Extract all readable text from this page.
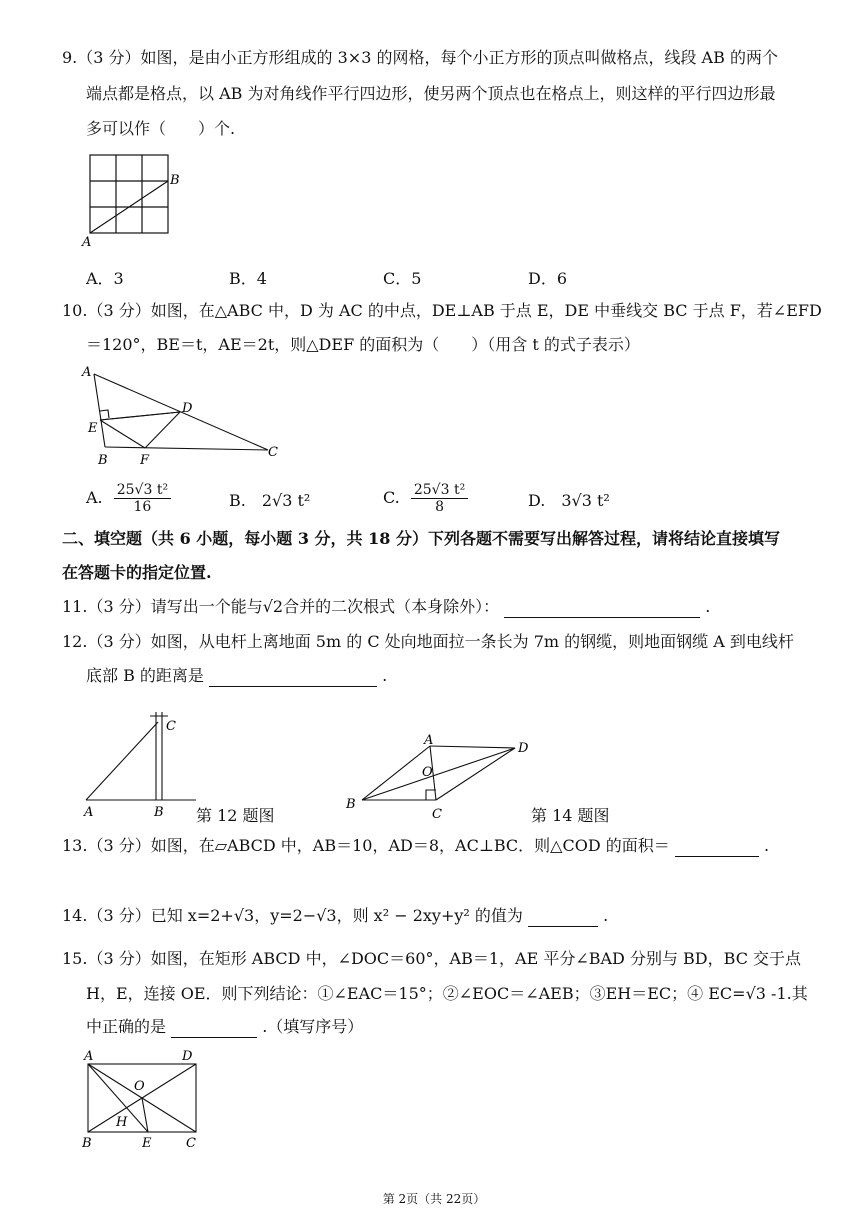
9.（3 分）如图，是由小正方形组成的 3×3 的网格，每个小正方形的顶点叫做格点，线段 AB 的两个
端点都是格点，以 AB 为对角线作平行四边形，使另两个顶点也在格点上，则这样的平行四边形最
多可以作（　　）个.
A
B
A．3	B．4	C．5	D．6
10.（3 分）如图，在△ABC 中，D 为 AC 的中点，DE⊥AB 于点 E，DE 中垂线交 BC 于点 F，若∠EFD
＝120°，BE＝t，AE＝2t，则△DEF 的面积为（　　）（用含 t 的式子表示）
A
D
E
B F
C
A. $\frac{\text{25√3 t²}}{16}$	B.　2√3 t²	C. $\frac{\text{25√3 t²}}{8}$	D.　3√3 t²
二、填空题（共 6 小题，每小题 3 分，共 18 分）下列各题不需要写出解答过程，请将结论直接填写
在答题卡的指定位置.
11.（3 分）请写出一个能与√2合并的二次根式（本身除外）：	.
12.（3 分）如图，从电杆上离地面 5m 的 C 处向地面拉一条长为 7m 的钢缆，则地面钢缆 A 到电线杆
底部 B 的距离是	.
A	B
C
第 12 题图
A
D
O
B
C	第 14 题图
13.（3 分）如图，在▱ABCD 中，AB＝10，AD＝8，AC⊥BC．则△COD 的面积＝	.
14.（3 分）已知 x=2+√3，y=2−√3，则 x² − 2xy+y² 的值为	.
15.（3 分）如图，在矩形 ABCD 中，∠DOC＝60°，AB＝1，AE 平分∠BAD 分别与 BD，BC 交于点
H，E，连接 OE．则下列结论：①∠EAC＝15°；②∠EOC＝∠AEB；③EH＝EC；④ EC=√3 -1.其
中正确的是	.（填写序号）
A	D
O
H
B	E	C
第 2页（共 22页）
